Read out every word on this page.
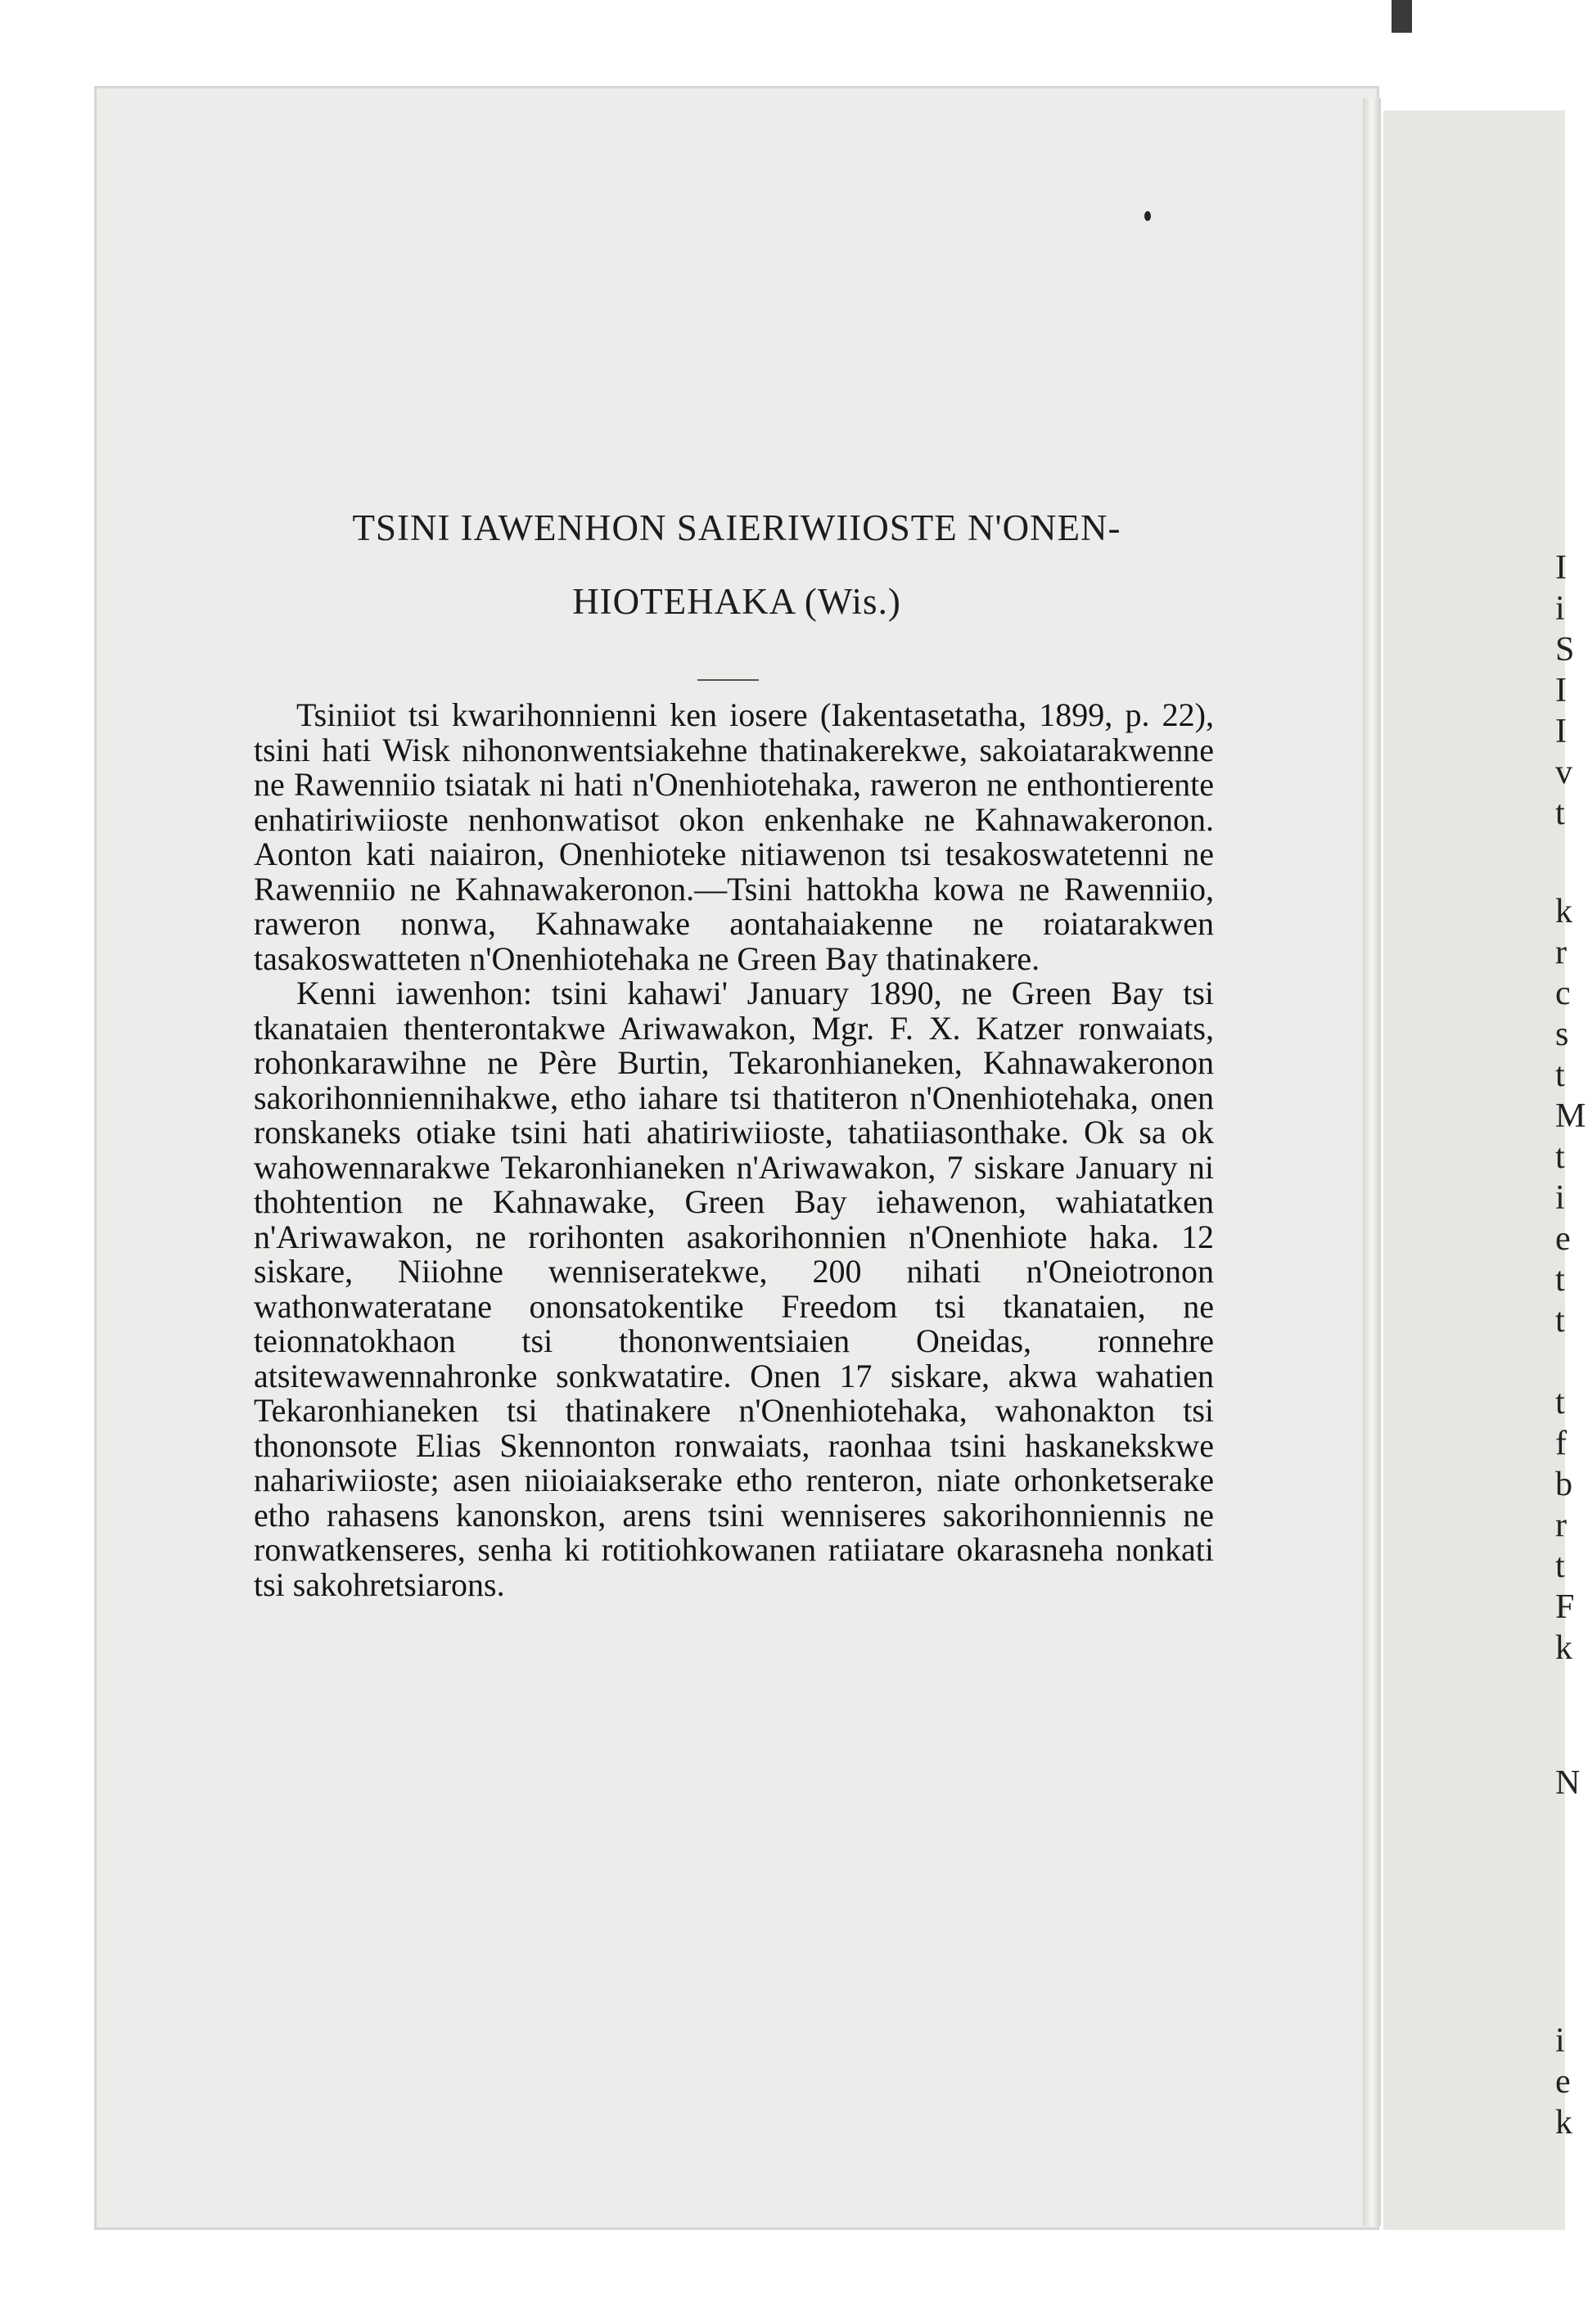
I
i
S
I
I
v
t
k
r
c
s
t
M
t
i
e
t
t
t
f
b
r
t
F
k
N
i
e
k
TSINI IAWENHON SAIERIWIIOSTE N'ONEN-
HIOTEHAKA (Wis.)

Tsiniiot tsi kwarihonnienni ken iosere (Iakentasetatha, 1899, p. 22), tsini hati Wisk nihononwentsiakehne thatinakerekwe, sakoiatarakwenne ne Rawenniio tsiatak ni hati n'Onenhiotehaka, raweron ne enthontierente enhatiriwiioste nenhonwatisot okon enkenhake ne Kahnawakeronon. Aonton kati naiairon, Onenhioteke nitiawenon tsi tesakoswatetenni ne Rawenniio ne Kahnawakeronon.—Tsini hattokha kowa ne Rawenniio, raweron nonwa, Kahnawake aontahaiakenne ne roiatarakwen tasakoswatteten n'Onenhiotehaka ne Green Bay thatinakere.

Kenni iawenhon: tsini kahawi' January 1890, ne Green Bay tsi tkanataien thenterontakwe Ariwawakon, Mgr. F. X. Katzer ronwaiats, rohonkarawihne ne Père Burtin, Tekaronhianeken, Kahnawakeronon sakorihonniennihakwe, etho iahare tsi thatiteron n'Onenhiotehaka, onen ronskaneks otiake tsini hati ahatiriwiioste, tahatiiasonthake. Ok sa ok wahowennarakwe Tekaronhianeken n'Ariwawakon, 7 siskare January ni thohtention ne Kahnawake, Green Bay iehawenon, wahiatatken n'Ariwawakon, ne rorihonten asakorihonnien n'Onenhiote haka. 12 siskare, Niiohne wenniseratekwe, 200 nihati n'Oneiotronon wathonwateratane ononsatokentike Freedom tsi tkanataien, ne teionnatokhaon tsi thononwentsiaien Oneidas, ronnehre atsitewawennahronke sonkwatatire. Onen 17 siskare, akwa wahatien Tekaronhianeken tsi thatinakere n'Onenhiotehaka, wahonakton tsi thononsote Elias Skennonton ronwaiats, raonhaa tsini haskanekskwe nahariwiioste; asen niioiaiakserake etho renteron, niate orhonketserake etho rahasens kanonskon, arens tsini wenniseres sakorihonniennis ne ronwatkenseres, senha ki rotitiohkowanen ratiiatare okarasneha nonkati tsi sakohretsiarons.
